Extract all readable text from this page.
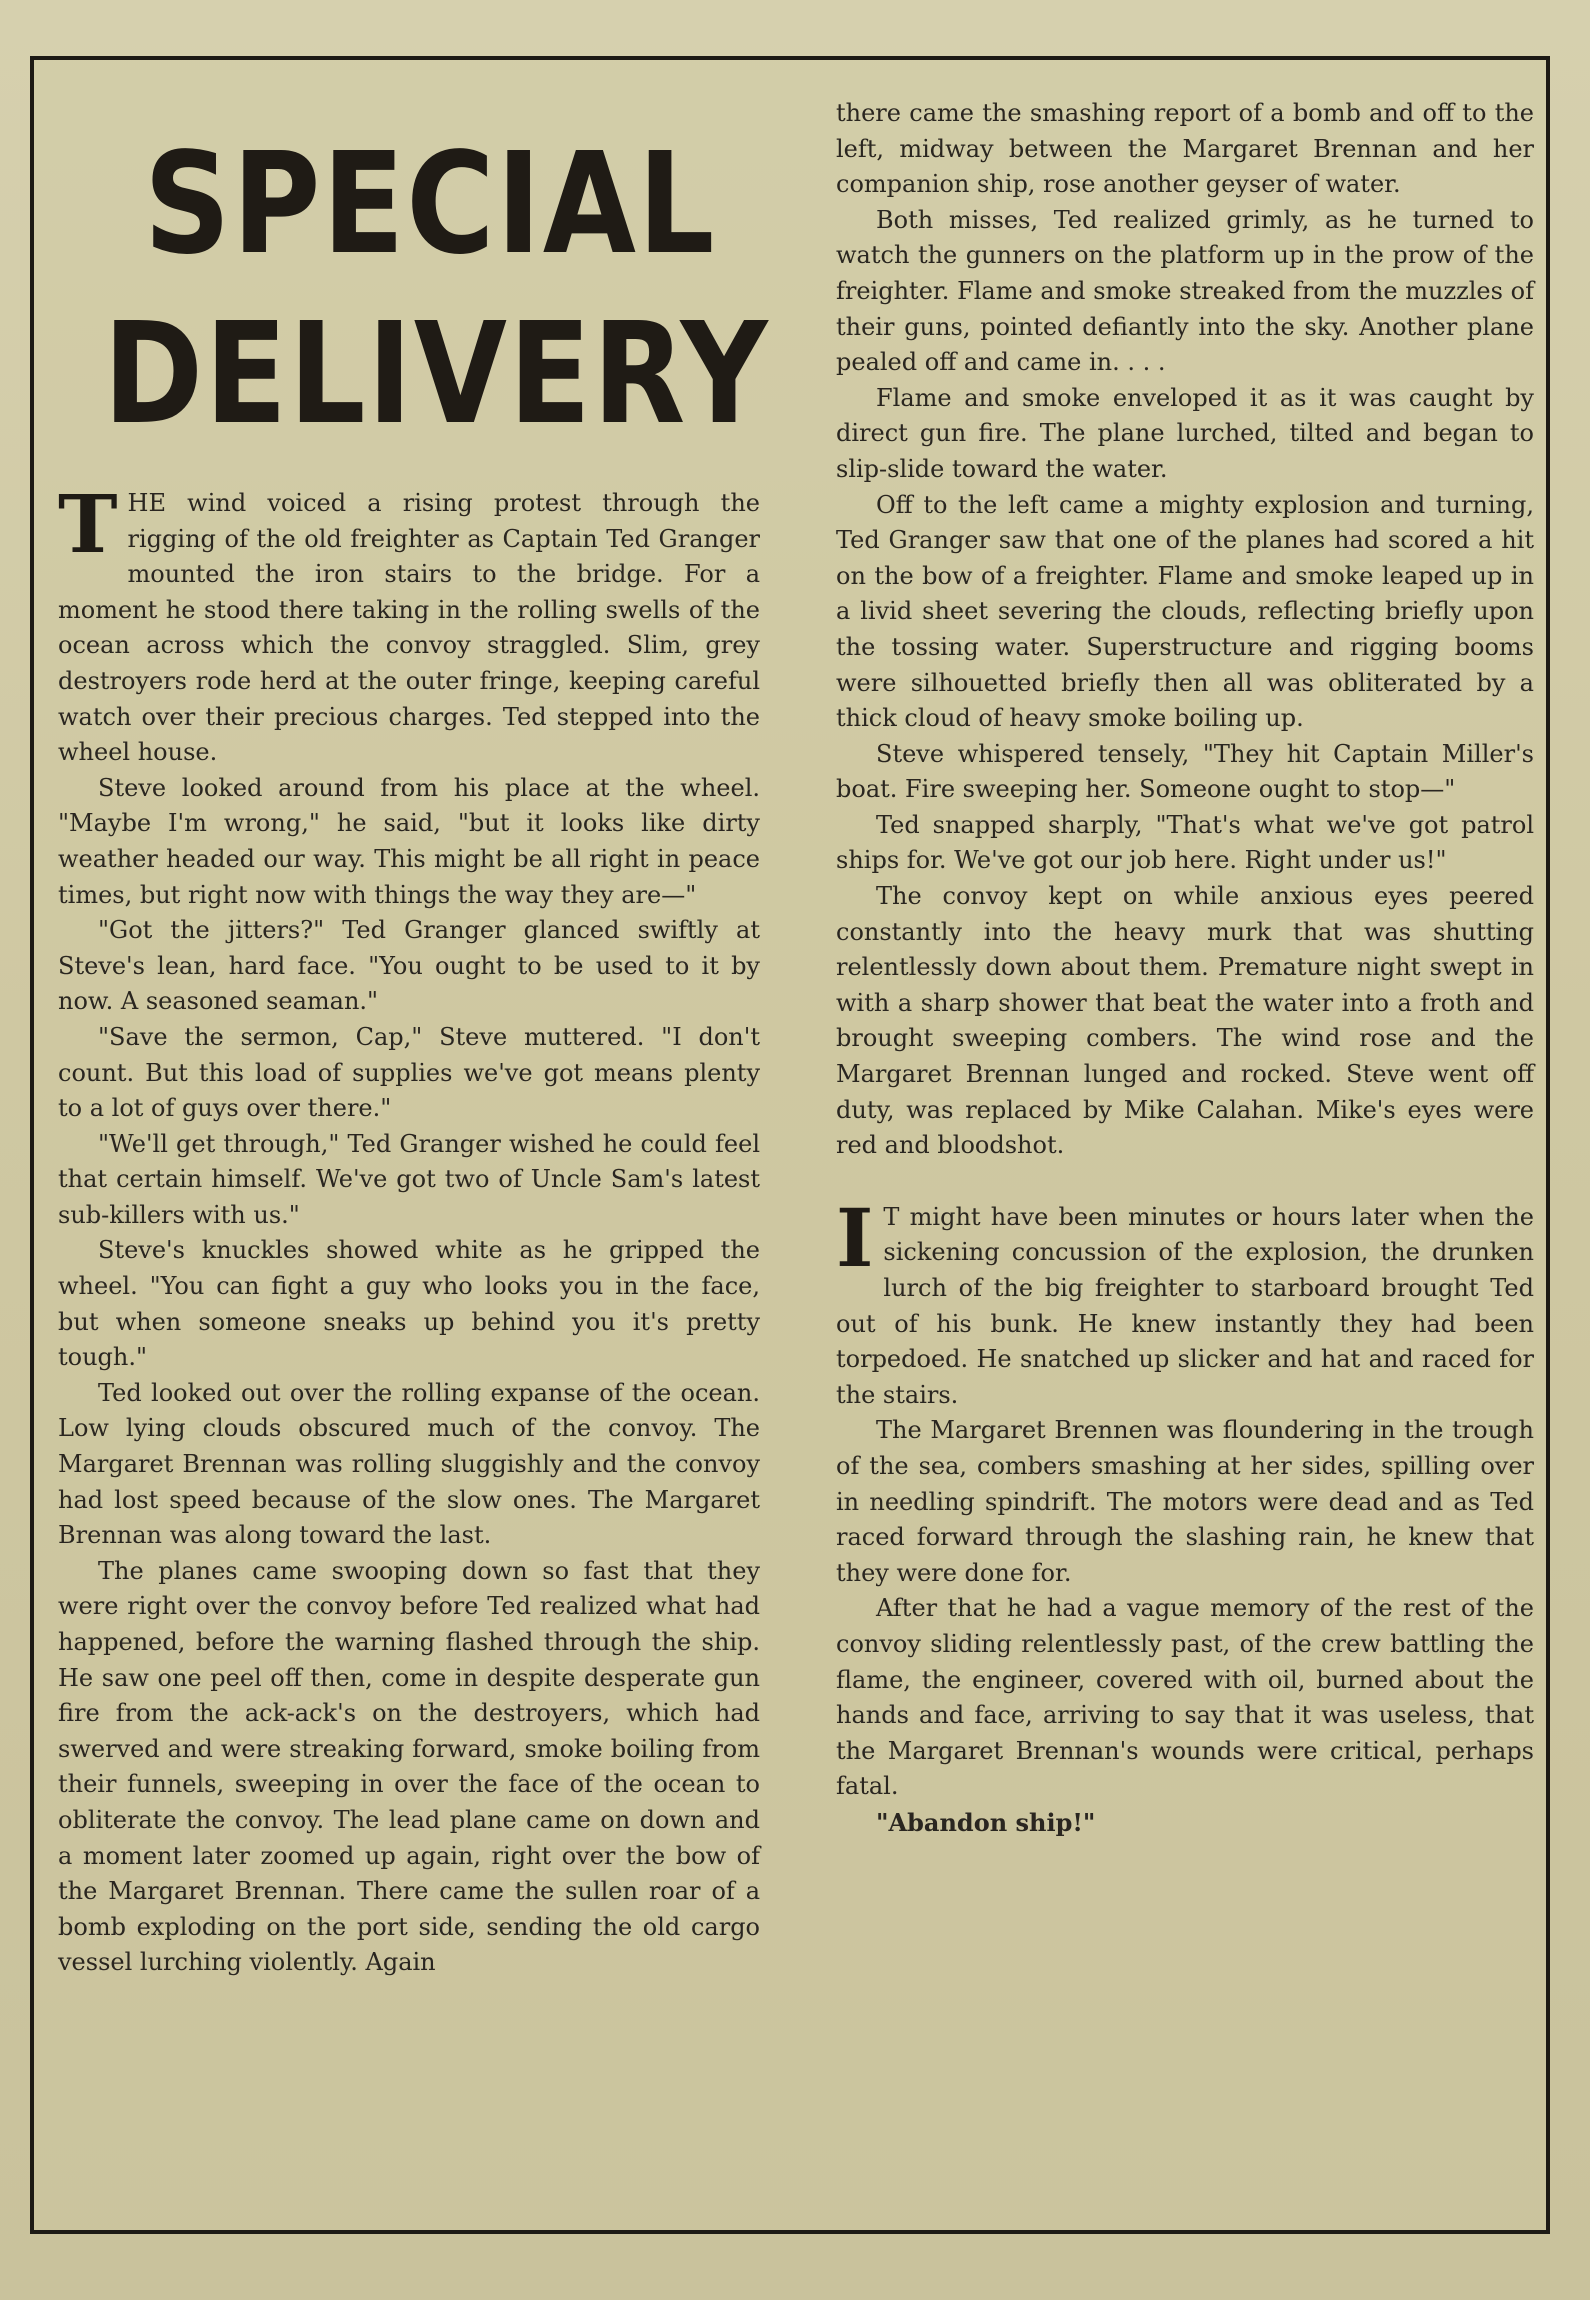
SPECIAL
DELIVERY

THE wind voiced a rising protest through the rigging of the old freighter as Captain Ted Granger mounted the iron stairs to the bridge. For a moment he stood there taking in the rolling swells of the ocean across which the convoy straggled. Slim, grey destroyers rode herd at the outer fringe, keeping careful watch over their precious charges. Ted stepped into the wheel house.

Steve looked around from his place at the wheel. "Maybe I'm wrong," he said, "but it looks like dirty weather headed our way. This might be all right in peace times, but right now with things the way they are—"

"Got the jitters?" Ted Granger glanced swiftly at Steve's lean, hard face. "You ought to be used to it by now. A seasoned seaman."

"Save the sermon, Cap," Steve muttered. "I don't count. But this load of supplies we've got means plenty to a lot of guys over there."

"We'll get through," Ted Granger wished he could feel that certain himself. We've got two of Uncle Sam's latest sub-killers with us."

Steve's knuckles showed white as he gripped the wheel. "You can fight a guy who looks you in the face, but when someone sneaks up behind you it's pretty tough."

Ted looked out over the rolling expanse of the ocean. Low lying clouds obscured much of the convoy. The Margaret Brennan was rolling sluggishly and the convoy had lost speed because of the slow ones. The Margaret Brennan was along toward the last.

The planes came swooping down so fast that they were right over the convoy before Ted realized what had happened, before the warning flashed through the ship. He saw one peel off then, come in despite desperate gun fire from the ack-ack's on the destroyers, which had swerved and were streaking forward, smoke boiling from their funnels, sweeping in over the face of the ocean to obliterate the convoy. The lead plane came on down and a moment later zoomed up again, right over the bow of the Margaret Brennan. There came the sullen roar of a bomb exploding on the port side, sending the old cargo vessel lurching violently. Again

there came the smashing report of a bomb and off to the left, midway between the Margaret Brennan and her companion ship, rose another geyser of water.

Both misses, Ted realized grimly, as he turned to watch the gunners on the platform up in the prow of the freighter. Flame and smoke streaked from the muzzles of their guns, pointed defiantly into the sky. Another plane pealed off and came in. . . .

Flame and smoke enveloped it as it was caught by direct gun fire. The plane lurched, tilted and began to slip-slide toward the water.

Off to the left came a mighty explosion and turning, Ted Granger saw that one of the planes had scored a hit on the bow of a freighter. Flame and smoke leaped up in a livid sheet severing the clouds, reflecting briefly upon the tossing water. Superstructure and rigging booms were silhouetted briefly then all was obliterated by a thick cloud of heavy smoke boiling up.

Steve whispered tensely, "They hit Captain Miller's boat. Fire sweeping her. Someone ought to stop—"

Ted snapped sharply, "That's what we've got patrol ships for. We've got our job here. Right under us!"

The convoy kept on while anxious eyes peered constantly into the heavy murk that was shutting relentlessly down about them. Premature night swept in with a sharp shower that beat the water into a froth and brought sweeping combers. The wind rose and the Margaret Brennan lunged and rocked. Steve went off duty, was replaced by Mike Calahan. Mike's eyes were red and bloodshot.

I T might have been minutes or hours later when the sickening concussion of the explosion, the drunken lurch of the big freighter to starboard brought Ted out of his bunk. He knew instantly they had been torpedoed. He snatched up slicker and hat and raced for the stairs.

The Margaret Brennen was floundering in the trough of the sea, combers smashing at her sides, spilling over in needling spindrift. The motors were dead and as Ted raced forward through the slashing rain, he knew that they were done for.

After that he had a vague memory of the rest of the convoy sliding relentlessly past, of the crew battling the flame, the engineer, covered with oil, burned about the hands and face, arriving to say that it was useless, that the Margaret Brennan's wounds were critical, perhaps fatal.

"Abandon ship!"
